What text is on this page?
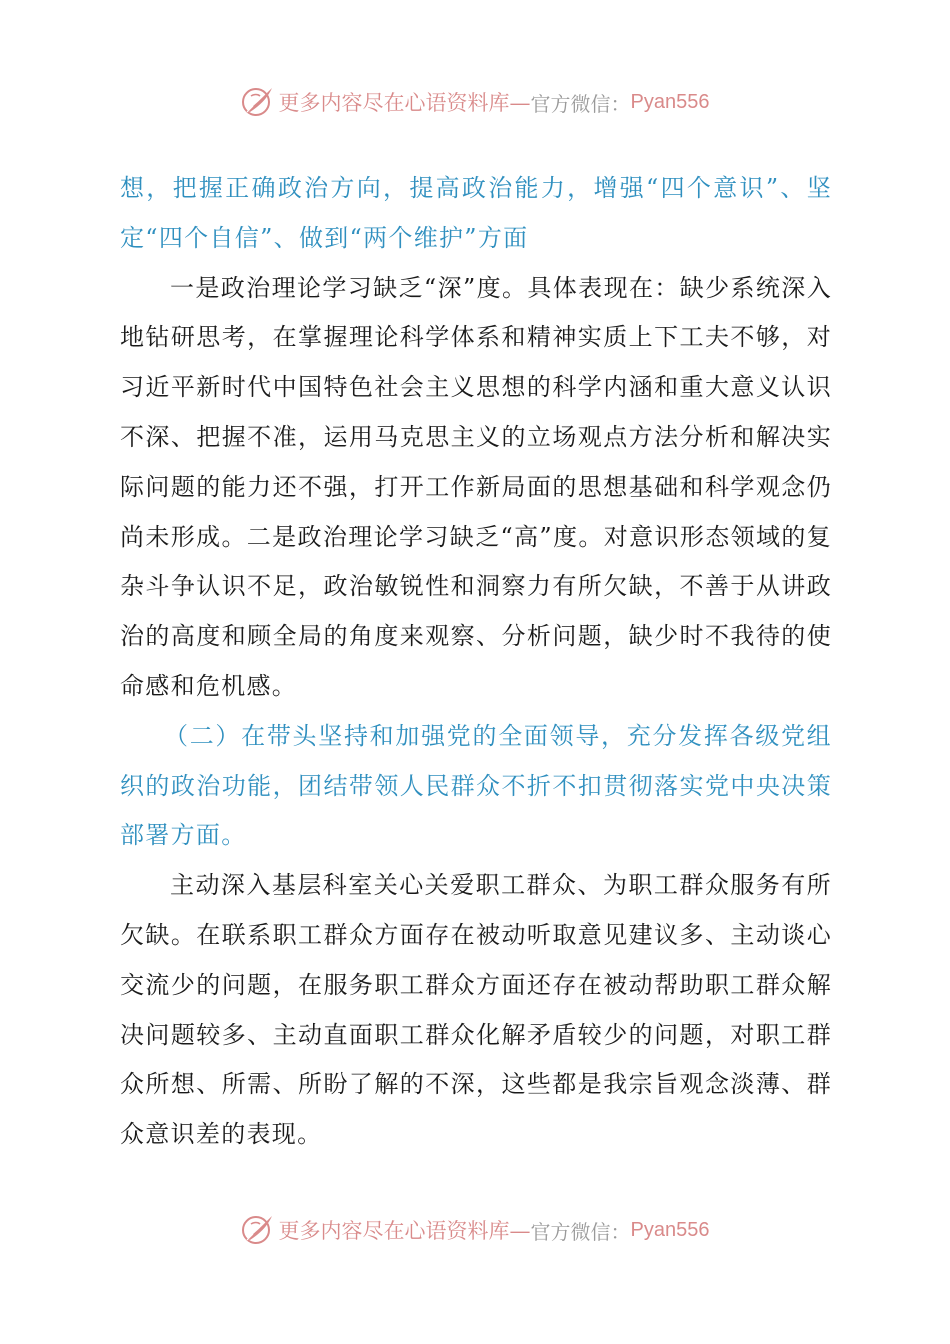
更多内容尽在心语资料库— 官方微信： Pyan556

想，把握正确政治方向，提高政治能力，增强“四个意识”、坚定“四个自信”、做到“两个维护”方面

一是政治理论学习缺乏“深”度。具体表现在：缺少系统深入地钻研思考，在掌握理论科学体系和精神实质上下工夫不够，对习近平新时代中国特色社会主义思想的科学内涵和重大意义认识不深、把握不准，运用马克思主义的立场观点方法分析和解决实际问题的能力还不强，打开工作新局面的思想基础和科学观念仍尚未形成。二是政治理论学习缺乏“高”度。对意识形态领域的复杂斗争认识不足，政治敏锐性和洞察力有所欠缺，不善于从讲政治的高度和顾全局的角度来观察、分析问题，缺少时不我待的使命感和危机感。

（二）在带头坚持和加强党的全面领导，充分发挥各级党组织的政治功能，团结带领人民群众不折不扣贯彻落实党中央决策部署方面。

主动深入基层科室关心关爱职工群众、为职工群众服务有所欠缺。在联系职工群众方面存在被动听取意见建议多、主动谈心交流少的问题，在服务职工群众方面还存在被动帮助职工群众解决问题较多、主动直面职工群众化解矛盾较少的问题，对职工群众所想、所需、所盼了解的不深，这些都是我宗旨观念淡薄、群众意识差的表现。

更多内容尽在心语资料库— 官方微信： Pyan556
